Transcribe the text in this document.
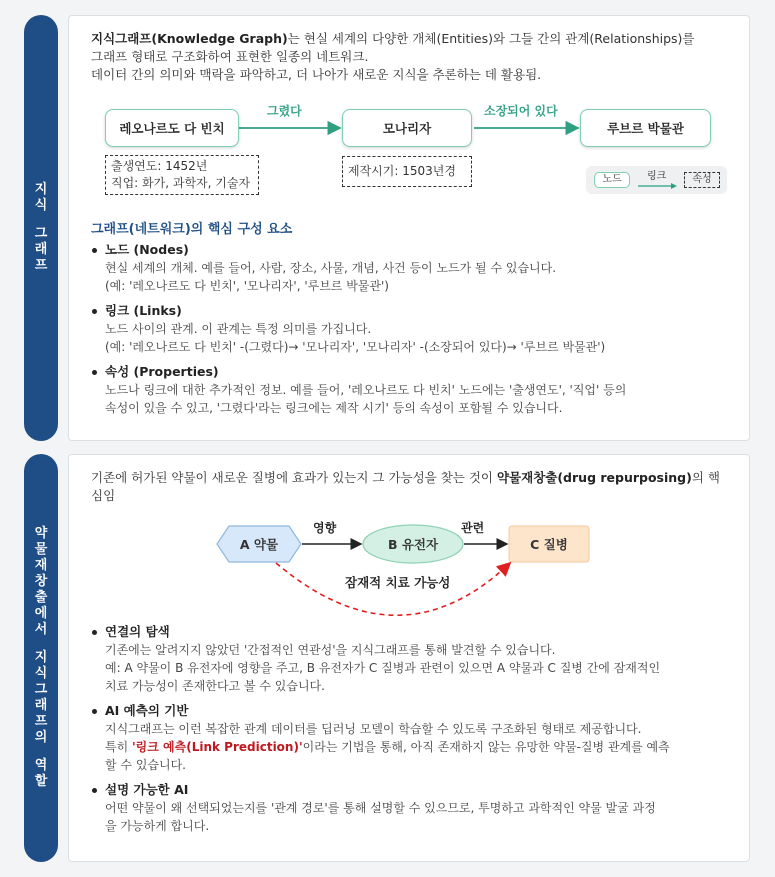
지
식
그
래
프
지식그래프(Knowledge Graph)는 현실 세계의 다양한 개체(Entities)와 그들 간의 관계(Relationships)를
그래프 형태로 구조화하여 표현한 일종의 네트워크.
데이터 간의 의미와 맥락을 파악하고, 더 나아가 새로운 지식을 추론하는 데 활용됨.
그렸다	소장되어 있다
레오나르도 다 빈치	모나리자	루브르 박물관
출생연도: 1452년
직업: 화가, 과학자, 기술자
제작시기: 1503년경
노드	링크	속성
그래프(네트워크)의 핵심 구성 요소
노드 (Nodes)
현실 세계의 개체. 예를 들어, 사람, 장소, 사물, 개념, 사건 등이 노드가 될 수 있습니다.
(예: '레오나르도 다 빈치', '모나리자', '루브르 박물관')
링크 (Links)
노드 사이의 관계. 이 관계는 특정 의미를 가집니다.
(예: '레오나르도 다 빈치' -(그렸다)→ '모나리자', '모나리자' -(소장되어 있다)→ '루브르 박물관')
속성 (Properties)
노드나 링크에 대한 추가적인 정보. 예를 들어, '레오나르도 다 빈치' 노드에는 '출생연도', '직업' 등의
속성이 있을 수 있고, '그렸다'라는 링크에는 제작 시기' 등의 속성이 포함될 수 있습니다.
약
물
재
창
출
에
서
지
식
그
래
프
의
역
할
기존에 허가된 약물이 새로운 질병에 효과가 있는지 그 가능성을 찾는 것이 약물재창출(drug repurposing)의 핵심임
A 약물	B 유전자	C 질병
영향	관련
잠재적 치료 가능성
연결의 탐색
기존에는 알려지지 않았던 '간접적인 연관성'을 지식그래프를 통해 발견할 수 있습니다.
예: A 약물이 B 유전자에 영향을 주고, B 유전자가 C 질병과 관련이 있으면 A 약물과 C 질병 간에 잠재적인
치료 가능성이 존재한다고 볼 수 있습니다.
AI 예측의 기반
지식그래프는 이런 복잡한 관계 데이터를 딥러닝 모델이 학습할 수 있도록 구조화된 형태로 제공합니다.
특히 '링크 예측(Link Prediction)'이라는 기법을 통해, 아직 존재하지 않는 유망한 약물-질병 관계를 예측
할 수 있습니다.
설명 가능한 AI
어떤 약물이 왜 선택되었는지를 '관계 경로'를 통해 설명할 수 있으므로, 투명하고 과학적인 약물 발굴 과정
을 가능하게 합니다.
